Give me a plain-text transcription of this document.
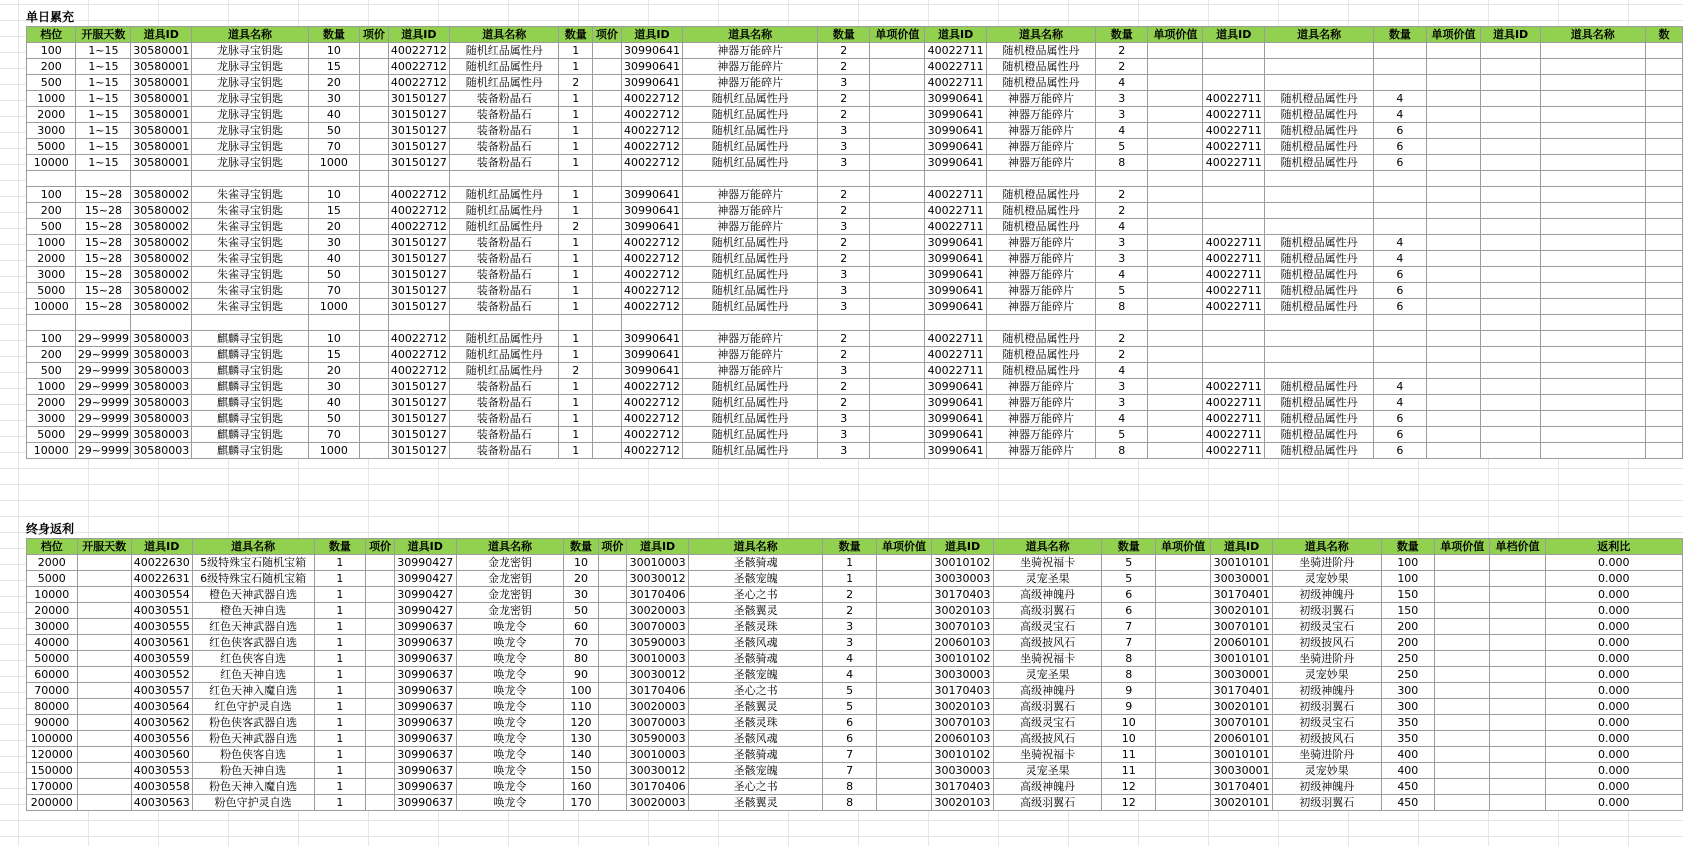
单日累充
档位	开服天数	道具ID	道具名称	数量	项价	道具ID	道具名称	数量	项价	道具ID	道具名称	数量	单项价值	道具ID	道具名称	数量	单项价值	道具ID	道具名称	数量	单项价值	道具ID	道具名称	数
100	1~15	30580001	龙脉寻宝钥匙	10		40022712	随机红品属性丹	1		30990641	神器万能碎片	2		40022711	随机橙品属性丹	2								
200	1~15	30580001	龙脉寻宝钥匙	15		40022712	随机红品属性丹	1		30990641	神器万能碎片	2		40022711	随机橙品属性丹	2								
500	1~15	30580001	龙脉寻宝钥匙	20		40022712	随机红品属性丹	2		30990641	神器万能碎片	3		40022711	随机橙品属性丹	4								
1000	1~15	30580001	龙脉寻宝钥匙	30		30150127	装备粉晶石	1		40022712	随机红品属性丹	2		30990641	神器万能碎片	3		40022711	随机橙品属性丹	4				
2000	1~15	30580001	龙脉寻宝钥匙	40		30150127	装备粉晶石	1		40022712	随机红品属性丹	2		30990641	神器万能碎片	3		40022711	随机橙品属性丹	4				
3000	1~15	30580001	龙脉寻宝钥匙	50		30150127	装备粉晶石	1		40022712	随机红品属性丹	3		30990641	神器万能碎片	4		40022711	随机橙品属性丹	6				
5000	1~15	30580001	龙脉寻宝钥匙	70		30150127	装备粉晶石	1		40022712	随机红品属性丹	3		30990641	神器万能碎片	5		40022711	随机橙品属性丹	6				
10000	1~15	30580001	龙脉寻宝钥匙	1000		30150127	装备粉晶石	1		40022712	随机红品属性丹	3		30990641	神器万能碎片	8		40022711	随机橙品属性丹	6				

100	15~28	30580002	朱雀寻宝钥匙	10		40022712	随机红品属性丹	1		30990641	神器万能碎片	2		40022711	随机橙品属性丹	2								
200	15~28	30580002	朱雀寻宝钥匙	15		40022712	随机红品属性丹	1		30990641	神器万能碎片	2		40022711	随机橙品属性丹	2								
500	15~28	30580002	朱雀寻宝钥匙	20		40022712	随机红品属性丹	2		30990641	神器万能碎片	3		40022711	随机橙品属性丹	4								
1000	15~28	30580002	朱雀寻宝钥匙	30		30150127	装备粉晶石	1		40022712	随机红品属性丹	2		30990641	神器万能碎片	3		40022711	随机橙品属性丹	4				
2000	15~28	30580002	朱雀寻宝钥匙	40		30150127	装备粉晶石	1		40022712	随机红品属性丹	2		30990641	神器万能碎片	3		40022711	随机橙品属性丹	4				
3000	15~28	30580002	朱雀寻宝钥匙	50		30150127	装备粉晶石	1		40022712	随机红品属性丹	3		30990641	神器万能碎片	4		40022711	随机橙品属性丹	6				
5000	15~28	30580002	朱雀寻宝钥匙	70		30150127	装备粉晶石	1		40022712	随机红品属性丹	3		30990641	神器万能碎片	5		40022711	随机橙品属性丹	6				
10000	15~28	30580002	朱雀寻宝钥匙	1000		30150127	装备粉晶石	1		40022712	随机红品属性丹	3		30990641	神器万能碎片	8		40022711	随机橙品属性丹	6				

100	29~9999	30580003	麒麟寻宝钥匙	10		40022712	随机红品属性丹	1		30990641	神器万能碎片	2		40022711	随机橙品属性丹	2								
200	29~9999	30580003	麒麟寻宝钥匙	15		40022712	随机红品属性丹	1		30990641	神器万能碎片	2		40022711	随机橙品属性丹	2								
500	29~9999	30580003	麒麟寻宝钥匙	20		40022712	随机红品属性丹	2		30990641	神器万能碎片	3		40022711	随机橙品属性丹	4								
1000	29~9999	30580003	麒麟寻宝钥匙	30		30150127	装备粉晶石	1		40022712	随机红品属性丹	2		30990641	神器万能碎片	3		40022711	随机橙品属性丹	4				
2000	29~9999	30580003	麒麟寻宝钥匙	40		30150127	装备粉晶石	1		40022712	随机红品属性丹	2		30990641	神器万能碎片	3		40022711	随机橙品属性丹	4				
3000	29~9999	30580003	麒麟寻宝钥匙	50		30150127	装备粉晶石	1		40022712	随机红品属性丹	3		30990641	神器万能碎片	4		40022711	随机橙品属性丹	6				
5000	29~9999	30580003	麒麟寻宝钥匙	70		30150127	装备粉晶石	1		40022712	随机红品属性丹	3		30990641	神器万能碎片	5		40022711	随机橙品属性丹	6				
10000	29~9999	30580003	麒麟寻宝钥匙	1000		30150127	装备粉晶石	1		40022712	随机红品属性丹	3		30990641	神器万能碎片	8		40022711	随机橙品属性丹	6				
终身返利
档位	开服天数	道具ID	道具名称	数量	项价	道具ID	道具名称	数量	项价	道具ID	道具名称	数量	单项价值	道具ID	道具名称	数量	单项价值	道具ID	道具名称	数量	单项价值	单档价值	返利比
2000		40022630	5级特殊宝石随机宝箱	1		30990427	金龙密钥	10		30010003	圣骸骑魂	1		30010102	坐骑祝福卡	5		30010101	坐骑进阶丹	100			0.000
5000		40022631	6级特殊宝石随机宝箱	1		30990427	金龙密钥	20		30030012	圣骸宠魄	1		30030003	灵宠圣果	5		30030001	灵宠妙果	100			0.000
10000		40030554	橙色天神武器自选	1		30990427	金龙密钥	30		30170406	圣心之书	2		30170403	高级神魄丹	6		30170401	初级神魄丹	150			0.000
20000		40030551	橙色天神自选	1		30990427	金龙密钥	50		30020003	圣骸翼灵	2		30020103	高级羽翼石	6		30020101	初级羽翼石	150			0.000
30000		40030555	红色天神武器自选	1		30990637	唤龙令	60		30070003	圣骸灵珠	3		30070103	高级灵宝石	7		30070101	初级灵宝石	200			0.000
40000		40030561	红色侠客武器自选	1		30990637	唤龙令	70		30590003	圣骸风魂	3		20060103	高级披风石	7		20060101	初级披风石	200			0.000
50000		40030559	红色侠客自选	1		30990637	唤龙令	80		30010003	圣骸骑魂	4		30010102	坐骑祝福卡	8		30010101	坐骑进阶丹	250			0.000
60000		40030552	红色天神自选	1		30990637	唤龙令	90		30030012	圣骸宠魄	4		30030003	灵宠圣果	8		30030001	灵宠妙果	250			0.000
70000		40030557	红色天神入魔自选	1		30990637	唤龙令	100		30170406	圣心之书	5		30170403	高级神魄丹	9		30170401	初级神魄丹	300			0.000
80000		40030564	红色守护灵自选	1		30990637	唤龙令	110		30020003	圣骸翼灵	5		30020103	高级羽翼石	9		30020101	初级羽翼石	300			0.000
90000		40030562	粉色侠客武器自选	1		30990637	唤龙令	120		30070003	圣骸灵珠	6		30070103	高级灵宝石	10		30070101	初级灵宝石	350			0.000
100000		40030556	粉色天神武器自选	1		30990637	唤龙令	130		30590003	圣骸风魂	6		20060103	高级披风石	10		20060101	初级披风石	350			0.000
120000		40030560	粉色侠客自选	1		30990637	唤龙令	140		30010003	圣骸骑魂	7		30010102	坐骑祝福卡	11		30010101	坐骑进阶丹	400			0.000
150000		40030553	粉色天神自选	1		30990637	唤龙令	150		30030012	圣骸宠魄	7		30030003	灵宠圣果	11		30030001	灵宠妙果	400			0.000
170000		40030558	粉色天神入魔自选	1		30990637	唤龙令	160		30170406	圣心之书	8		30170403	高级神魄丹	12		30170401	初级神魄丹	450			0.000
200000		40030563	粉色守护灵自选	1		30990637	唤龙令	170		30020003	圣骸翼灵	8		30020103	高级羽翼石	12		30020101	初级羽翼石	450			0.000
